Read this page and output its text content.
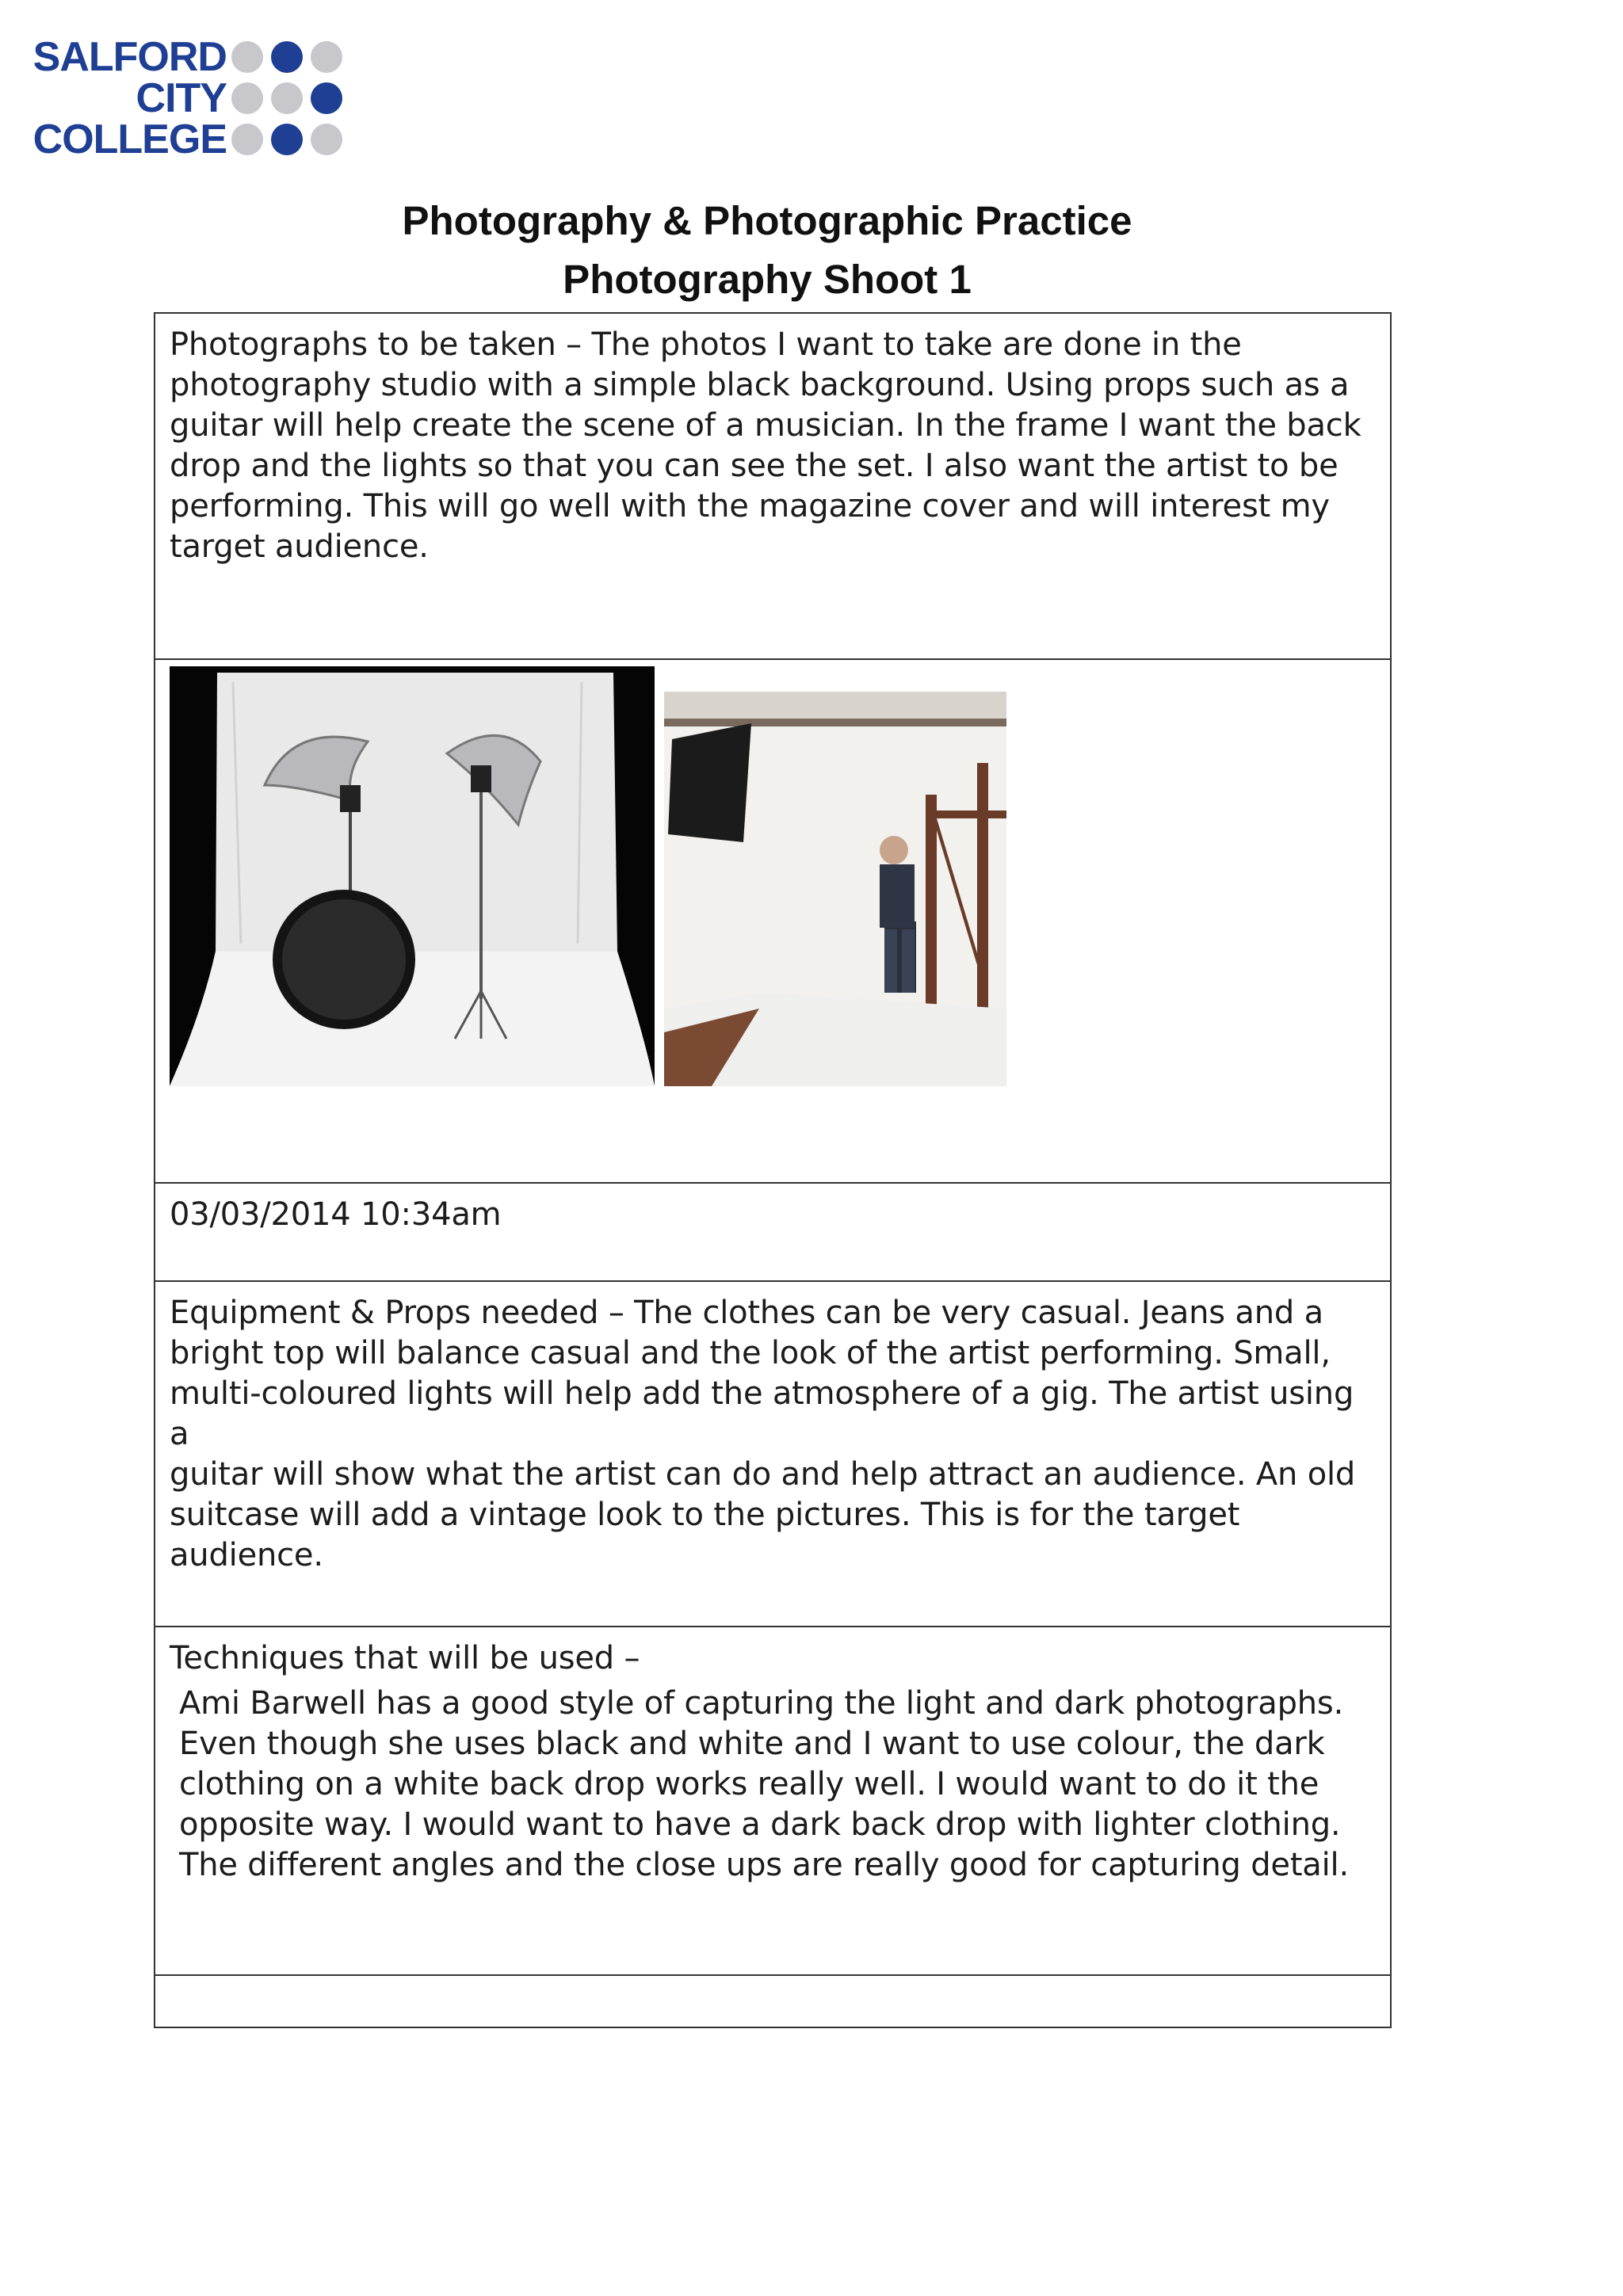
SALFORD
CITY
COLLEGE
Photography & Photographic Practice
Photography Shoot 1
Photographs to be taken – The photos I want to take are done in the
photography studio with a simple black background. Using props such as a
guitar will help create the scene of a musician. In the frame I want the back
drop and the lights so that you can see the set. I also want the artist to be
performing. This will go well with the magazine cover and will interest my
target audience.
03/03/2014 10:34am
Equipment & Props needed – The clothes can be very casual. Jeans and a
bright top will balance casual and the look of the artist performing. Small,
multi-coloured lights will help add the atmosphere of a gig. The artist using a
guitar will show what the artist can do and help attract an audience. An old
suitcase will add a vintage look to the pictures. This is for the target
audience.
Techniques that will be used –
Ami Barwell has a good style of capturing the light and dark photographs.
Even though she uses black and white and I want to use colour, the dark
clothing on a white back drop works really well. I would want to do it the
opposite way. I would want to have a dark back drop with lighter clothing.
The different angles and the close ups are really good for capturing detail.
